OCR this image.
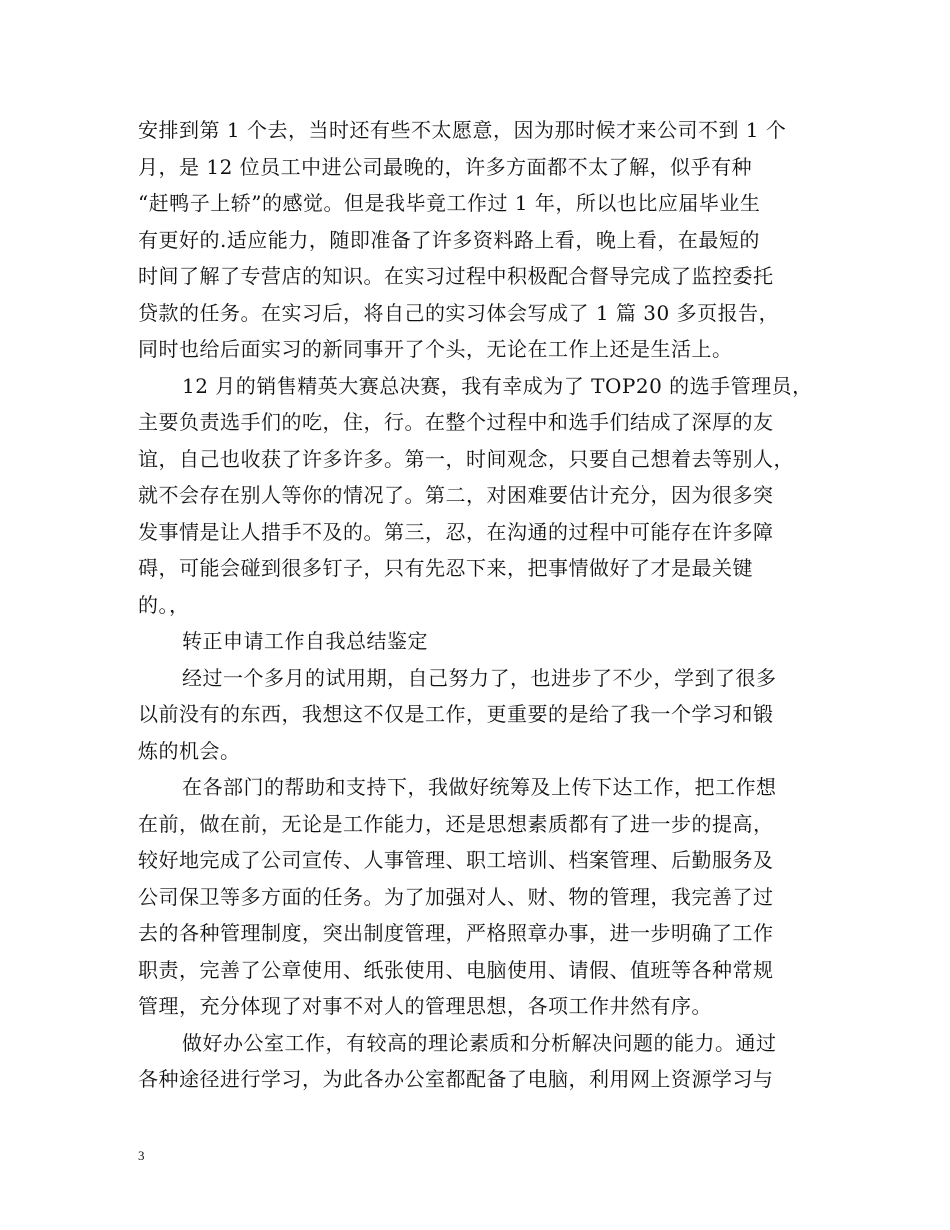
安排到第 1 个去，当时还有些不太愿意，因为那时候才来公司不到 1 个
月，是 12 位员工中进公司最晚的，许多方面都不太了解，似乎有种
“赶鸭子上轿”的感觉。但是我毕竟工作过 1 年，所以也比应届毕业生
有更好的.适应能力，随即准备了许多资料路上看，晚上看，在最短的
时间了解了专营店的知识。在实习过程中积极配合督导完成了监控委托
贷款的任务。在实习后，将自己的实习体会写成了 1 篇 30 多页报告，
同时也给后面实习的新同事开了个头，无论在工作上还是生活上。
12 月的销售精英大赛总决赛，我有幸成为了 TOP20 的选手管理员，
主要负责选手们的吃，住，行。在整个过程中和选手们结成了深厚的友
谊，自己也收获了许多许多。第一，时间观念，只要自己想着去等别人，
就不会存在别人等你的情况了。第二，对困难要估计充分，因为很多突
发事情是让人措手不及的。第三，忍，在沟通的过程中可能存在许多障
碍，可能会碰到很多钉子，只有先忍下来，把事情做好了才是最关键
的。，
转正申请工作自我总结鉴定
经过一个多月的试用期，自己努力了，也进步了不少，学到了很多
以前没有的东西，我想这不仅是工作，更重要的是给了我一个学习和锻
炼的机会。
在各部门的帮助和支持下，我做好统筹及上传下达工作，把工作想
在前，做在前，无论是工作能力，还是思想素质都有了进一步的提高，
较好地完成了公司宣传、人事管理、职工培训、档案管理、后勤服务及
公司保卫等多方面的任务。为了加强对人、财、物的管理，我完善了过
去的各种管理制度，突出制度管理，严格照章办事，进一步明确了工作
职责，完善了公章使用、纸张使用、电脑使用、请假、值班等各种常规
管理，充分体现了对事不对人的管理思想，各项工作井然有序。
做好办公室工作，有较高的理论素质和分析解决问题的能力。通过
各种途径进行学习，为此各办公室都配备了电脑，利用网上资源学习与
3
